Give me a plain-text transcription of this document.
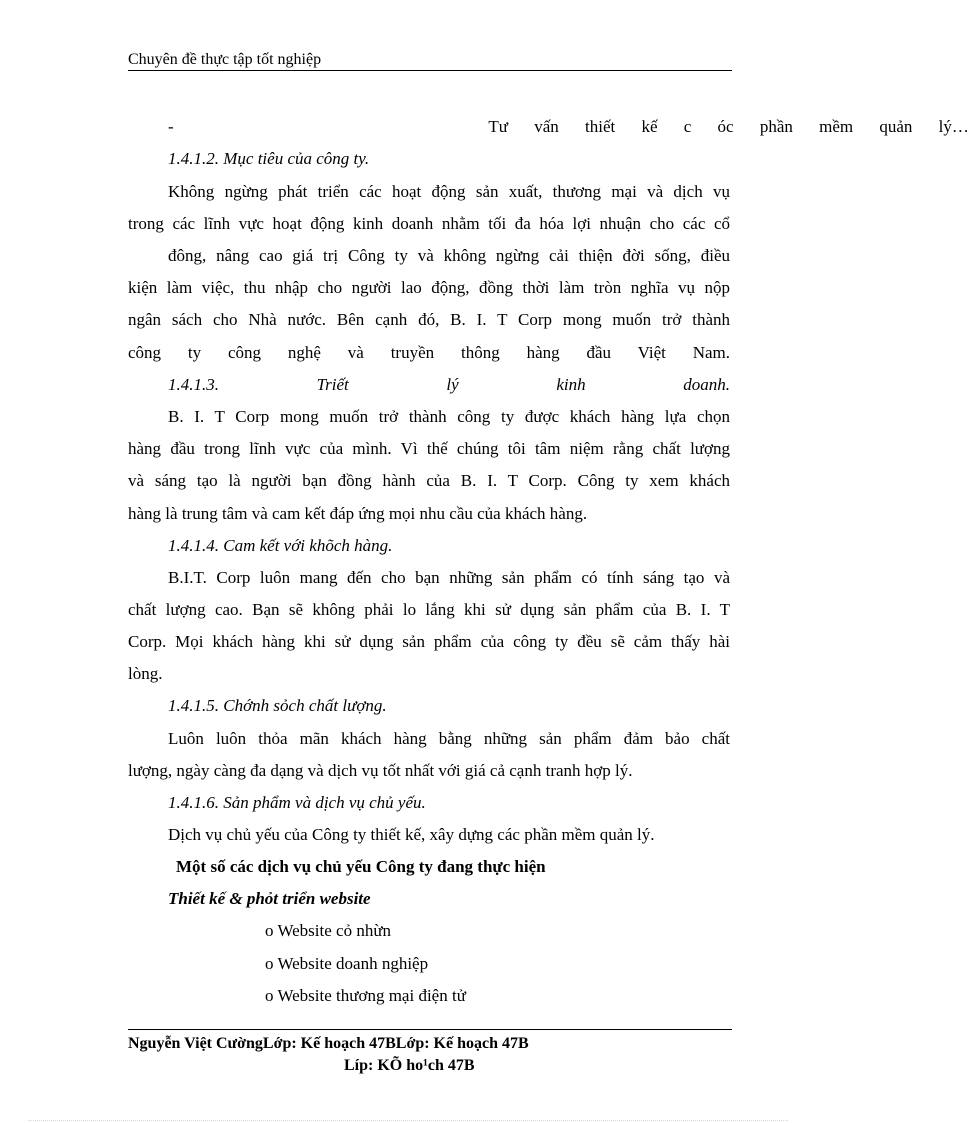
Chuyên đề thực tập tốt nghiệp
-            Tư vấn thiết kế c óc phần mềm quản lý…
1.4.1.2. Mục tiêu của công ty.
Không ngừng phát triển các hoạt động sản xuất, thương mại và dịch vụ
trong các lĩnh vực hoạt động kinh doanh nhằm tối đa hóa lợi nhuận cho các cổ
đông, nâng cao giá trị Công ty và không ngừng cải thiện đời sống, điều
kiện làm việc, thu nhập cho người lao động, đồng thời làm tròn nghĩa vụ nộp
ngân sách cho Nhà nước. Bên cạnh đó, B. I. T Corp mong muốn trở thành
công ty công nghệ và truyền thông hàng đầu Việt Nam.
1.4.1.3. Triết lý kinh doanh.
B. I. T Corp mong muốn trở thành công ty được khách hàng lựa chọn
hàng đầu trong lĩnh vực của mình. Vì thế chúng tôi tâm niệm rằng chất lượng
và sáng tạo là người bạn đồng hành của B. I. T Corp. Công ty xem khách
hàng là trung tâm và cam kết đáp ứng mọi nhu cầu của khách hàng.
1.4.1.4. Cam kết với khõch hàng.
B.I.T. Corp luôn mang đến cho bạn những sản phẩm có tính sáng tạo và
chất lượng cao. Bạn sẽ không phải lo lắng khi sử dụng sản phẩm của B. I. T
Corp. Mọi khách hàng khi sử dụng sản phẩm của công ty đều sẽ cảm thấy hài
lòng.
1.4.1.5. Chớnh sỏch chất lượng.
Luôn luôn thỏa mãn khách hàng bằng những sản phẩm đảm bảo chất
lượng, ngày càng đa dạng và dịch vụ tốt nhất với giá cả cạnh tranh hợp lý.
1.4.1.6. Sản phẩm và dịch vụ chủ yếu.
Dịch vụ chủ yếu của Công ty thiết kế, xây dựng các phần mềm quản lý.
Một số các dịch vụ chủ yếu Công ty đang thực hiện
Thiết kế & phỏt triển website
o Website cỏ nhừn
o Website doanh nghiệp
o Website thương mại điện tử
Nguyễn Việt CườngLớp: Kế hoạch 47BLớp: Kế hoạch 47B
Líp: KÕ ho¹ch 47B
